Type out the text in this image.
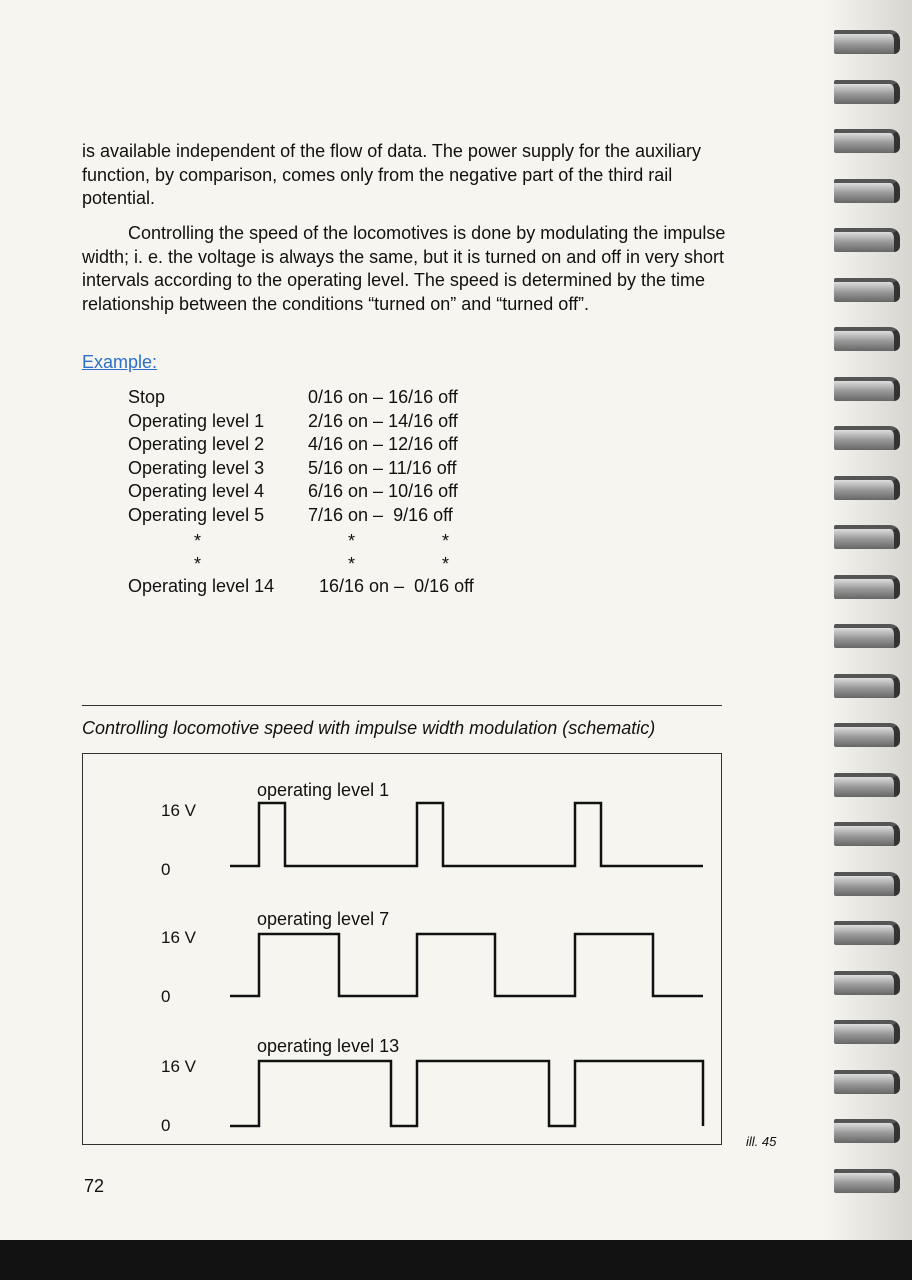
is available independent of the flow of data. The power supply for the auxiliary function, by comparison, comes only from the negative part of the third rail potential.
Controlling the speed of the locomotives is done by modulating the impulse width; i. e. the voltage is always the same, but it is turned on and off in very short intervals according to the operating level. The speed is determined by the time relationship between the conditions “turned on” and “turned off”.
Example:
Stop	0/16 on – 16/16 off
Operating level 1 2/16 on – 14/16 off
Operating level 2 4/16 on – 12/16 off
Operating level 3 5/16 on – 11/16 off
Operating level 4 6/16 on – 10/16 off
Operating level 5 7/16 on –  9/16 off
*	*	*
*	*	*
Operating level 14 16/16 on –  0/16 off
Controlling locomotive speed with impulse width modulation (schematic)
operating level 1
16 V
0
operating level 7
16 V
0
operating level 13
16 V
0
ill. 45
72
